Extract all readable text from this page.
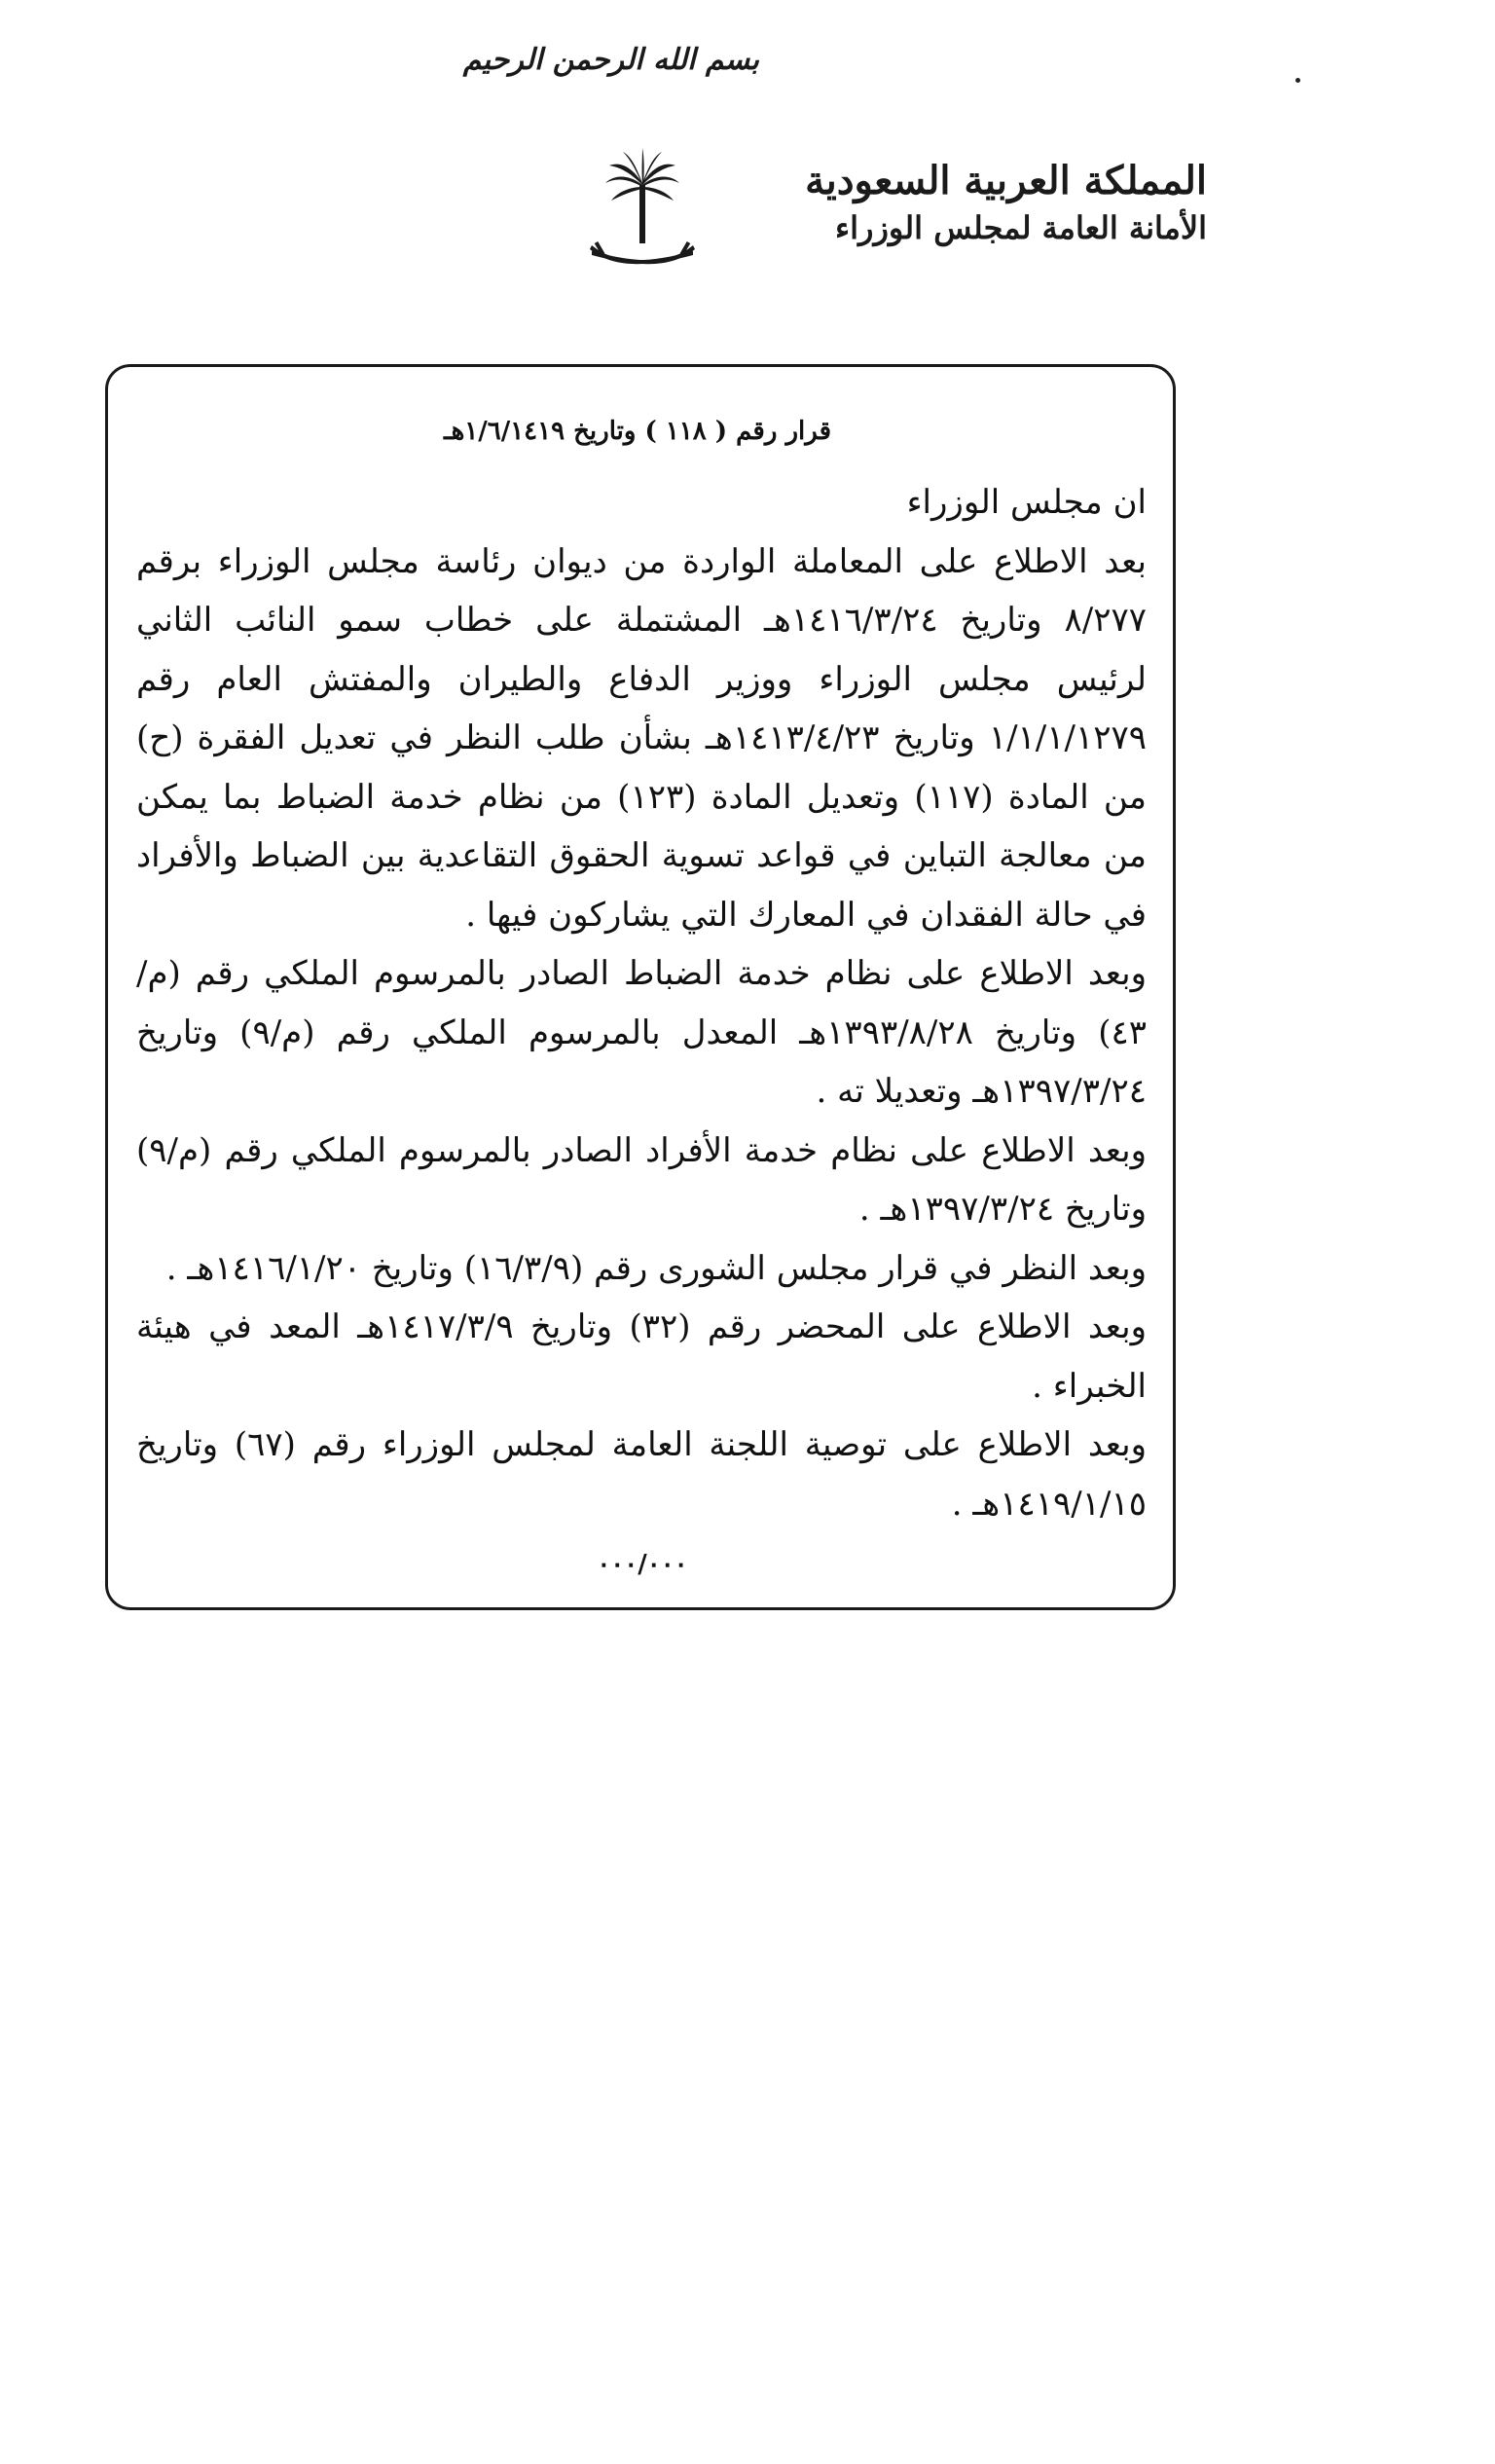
بسم الله الرحمن الرحيم
المملكة العربية السعودية
الأمانة العامة لمجلس الوزراء
قرار رقم ( ١١٨ ) وتاريخ ١/٦/١٤١٩هـ

ان مجلس الوزراء

بعد الاطلاع على المعاملة الواردة من ديوان رئاسة مجلس الوزراء برقم ٨/٢٧٧ وتاريخ ١٤١٦/٣/٢٤هـ المشتملة على خطاب سمو النائب الثاني لرئيس مجلس الوزراء ووزير الدفاع والطيران والمفتش العام رقم ١/١/١/١٢٧٩ وتاريخ ١٤١٣/٤/٢٣هـ بشأن طلب النظر في تعديل الفقرة (ح) من المادة (١١٧) وتعديل المادة (١٢٣) من نظام خدمة الضباط بما يمكن من معالجة التباين في قواعد تسوية الحقوق التقاعدية بين الضباط والأفراد في حالة الفقدان في المعارك التي يشاركون فيها .

وبعد الاطلاع على نظام خدمة الضباط الصادر بالمرسوم الملكي رقم (م/٤٣) وتاريخ ١٣٩٣/٨/٢٨هـ المعدل بالمرسوم الملكي رقم (م/٩) وتاريخ ١٣٩٧/٣/٢٤هـ وتعديلا ته .

وبعد الاطلاع على نظام خدمة الأفراد الصادر بالمرسوم الملكي رقم (م/٩) وتاريخ ١٣٩٧/٣/٢٤هـ .

وبعد النظر في قرار مجلس الشورى رقم (١٦/٣/٩) وتاريخ ١٤١٦/١/٢٠هـ .

وبعد الاطلاع على المحضر رقم (٣٢) وتاريخ ١٤١٧/٣/٩هـ المعد في هيئة الخبراء .

وبعد الاطلاع على توصية اللجنة العامة لمجلس الوزراء رقم (٦٧) وتاريخ ١٤١٩/١/١٥هـ .

٠٠٠/٠٠٠
